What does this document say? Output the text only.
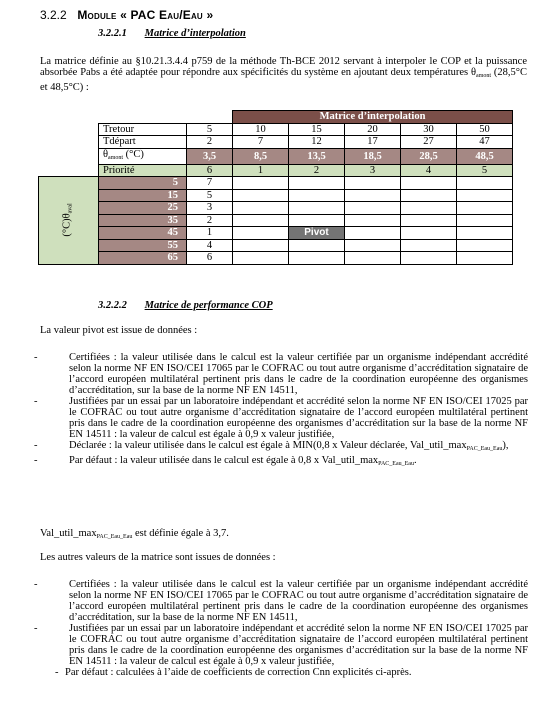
3.2.2 Module « PAC Eau/Eau »
3.2.2.1 Matrice d’interpolation

La matrice définie au §10.21.3.4.4 p759 de la méthode Th-BCE 2012 servant à interpoler le COP et la puissance absorbée Pabs a été adaptée pour répondre aux spécificités du système en ajoutant deux températures $\theta_{amont}$ (28,5°C et 48,5°C) :

			Matrice d’interpolation				
	Tretour	5	10	15	20	30	50
	Tdépart	2	7	12	17	27	47
	$\theta_{amont}$ (°C)	3,5	8,5	13,5	18,5	28,5	48,5
	Priorité	6	1	2	3	4	5

$(^\circ C)\theta_{aval}$	5	7					
	15	5					
	25	3					
	35	2					
	45	1		Pivot			
	55	4					
	65	6					
3.2.2.2 Matrice de performance COP

La valeur pivot est issue de données :

-	Certifiées : la valeur utilisée dans le calcul est la valeur certifiée par un organisme indépendant accrédité selon la norme NF EN ISO/CEI 17065 par le COFRAC ou tout autre organisme d’accréditation signataire de l’accord européen multilatéral pertinent pris dans le cadre de la coordination européenne des organismes d’accréditation, sur la base de la norme NF EN 14511,
-	Justifiées par un essai par un laboratoire indépendant et accrédité selon la norme NF EN ISO/CEI 17025 par le COFRAC ou tout autre organisme d’accréditation signataire de l’accord européen multilatéral pertinent pris dans le cadre de la coordination européenne des organismes d’accréditation sur la base de la norme NF EN 14511 : la valeur de calcul est égale à 0,9 x valeur justifiée,
-	Déclarée : la valeur utilisée dans le calcul est égale à MIN(0,8 x Valeur déclarée, $Val\_util\_\max_{PAC\_Eau\_Eau}$),
-	Par défaut : la valeur utilisée dans le calcul est égale à 0,8 x $Val\_util\_\max_{PAC\_Eau\_Eau}$.

$Val\_util\_\max_{PAC\_Eau\_Eau}$ est définie égale à 3,7.

Les autres valeurs de la matrice sont issues de données :

-	Certifiées : la valeur utilisée dans le calcul est la valeur certifiée par un organisme indépendant accrédité selon la norme NF EN ISO/CEI 17065 par le COFRAC ou tout autre organisme d’accréditation signataire de l’accord européen multilatéral pertinent pris dans le cadre de la coordination européenne des organismes d’accréditation, sur la base de la norme NF EN 14511,
-	Justifiées par un essai par un laboratoire indépendant et accrédité selon la norme NF EN ISO/CEI 17025 par le COFRAC ou tout autre organisme d’accréditation signataire de l’accord européen multilatéral pertinent pris dans le cadre de la coordination européenne des organismes d’accréditation sur la base de la norme NF EN 14511 : la valeur de calcul est égale à 0,9 x valeur justifiée,
- Par défaut : calculées à l’aide de coefficients de correction Cnn explicités ci-après.
